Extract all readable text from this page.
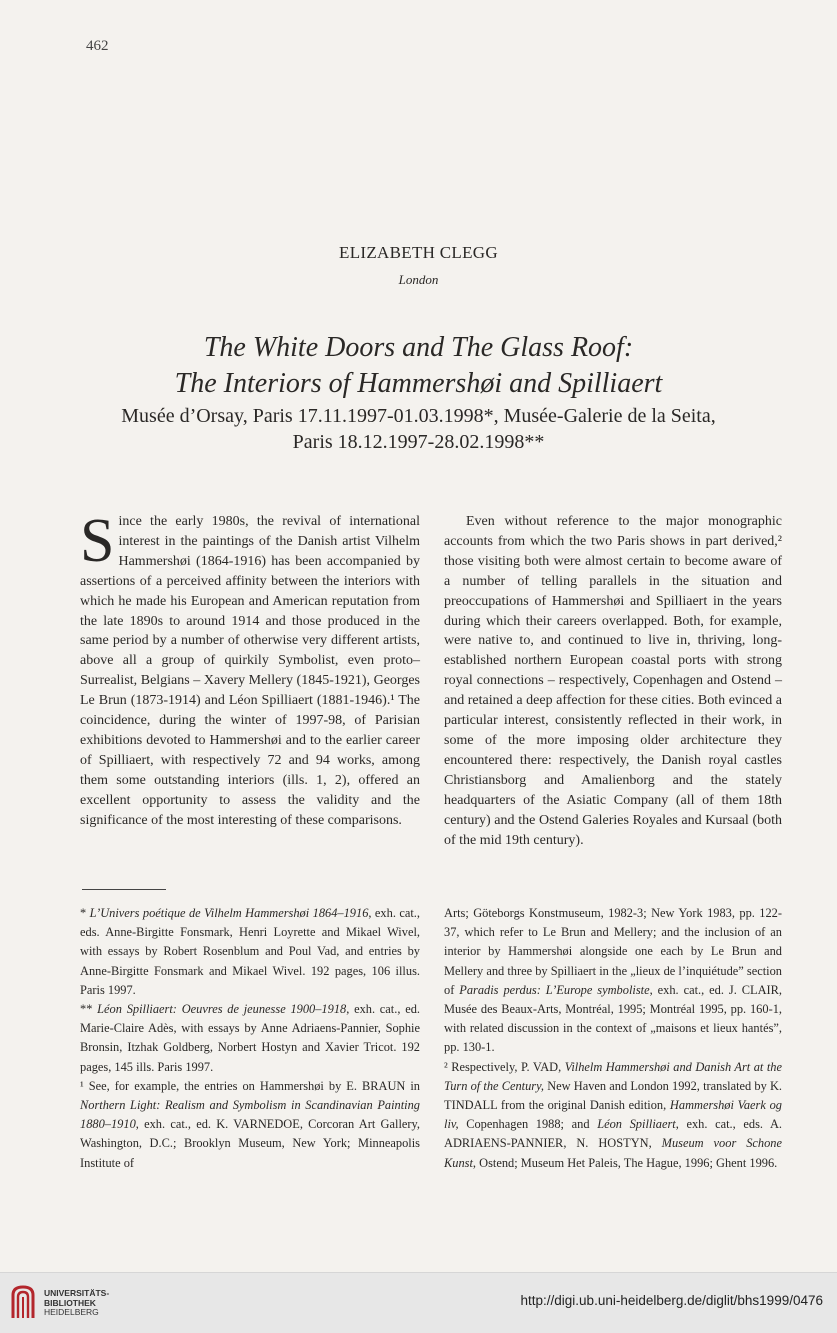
462
ELIZABETH CLEGG
London
The White Doors and The Glass Roof:
The Interiors of Hammershøi and Spilliaert
Musée d’Orsay, Paris 17.11.1997-01.03.1998*, Musée-Galerie de la Seita,
Paris 18.12.1997-28.02.1998**

Since the early 1980s, the revival of international interest in the paintings of the Danish artist Vilhelm Hammershøi (1864-1916) has been accompanied by assertions of a perceived affinity between the interiors with which he made his European and American reputation from the late 1890s to around 1914 and those produced in the same period by a number of otherwise very different artists, above all a group of quirkily Symbolist, even proto–Surrealist, Belgians – Xavery Mellery (1845-1921), Georges Le Brun (1873-1914) and Léon Spilliaert (1881-1946).¹ The coincidence, during the winter of 1997-98, of Parisian exhibitions devoted to Hammershøi and to the earlier career of Spilliaert, with respectively 72 and 94 works, among them some outstanding interiors (ills. 1, 2), offered an excellent opportunity to assess the validity and the significance of the most interesting of these comparisons.

Even without reference to the major monographic accounts from which the two Paris shows in part derived,² those visiting both were almost certain to become aware of a number of telling parallels in the situation and preoccupations of Hammershøi and Spilliaert in the years during which their careers overlapped. Both, for example, were native to, and continued to live in, thriving, long-established northern European coastal ports with strong royal connections – respectively, Copenhagen and Ostend – and retained a deep affection for these cities. Both evinced a particular interest, consistently reflected in their work, in some of the more imposing older architecture they encountered there: respectively, the Danish royal castles Christiansborg and Amalienborg and the stately headquarters of the Asiatic Company (all of them 18th century) and the Ostend Galeries Royales and Kursaal (both of the mid 19th century).

* L’Univers poétique de Vilhelm Hammershøi 1864–1916, exh. cat., eds. Anne-Birgitte Fonsmark, Henri Loyrette and Mikael Wivel, with essays by Robert Rosenblum and Poul Vad, and entries by Anne-Birgitte Fonsmark and Mikael Wivel. 192 pages, 106 illus. Paris 1997.

** Léon Spilliaert: Oeuvres de jeunesse 1900–1918, exh. cat., ed. Marie-Claire Adès, with essays by Anne Adriaens-Pannier, Sophie Bronsin, Itzhak Goldberg, Norbert Hostyn and Xavier Tricot. 192 pages, 145 ills. Paris 1997.

¹ See, for example, the entries on Hammershøi by E. BRAUN in Northern Light: Realism and Symbolism in Scandinavian Painting 1880–1910, exh. cat., ed. K. VARNEDOE, Corcoran Art Gallery, Washington, D.C.; Brooklyn Museum, New York; Minneapolis Institute of

Arts; Göteborgs Konstmuseum, 1982-3; New York 1983, pp. 122-37, which refer to Le Brun and Mellery; and the inclusion of an interior by Hammershøi alongside one each by Le Brun and Mellery and three by Spilliaert in the „lieux de l’inquiétude” section of Paradis perdus: L’Europe symboliste, exh. cat., ed. J. CLAIR, Musée des Beaux-Arts, Montréal, 1995; Montréal 1995, pp. 160-1, with related discussion in the context of „maisons et lieux hantés”, pp. 130-1.

² Respectively, P. VAD, Vilhelm Hammershøi and Danish Art at the Turn of the Century, New Haven and London 1992, translated by K. TINDALL from the original Danish edition, Hammershøi Vaerk og liv, Copenhagen 1988; and Léon Spilliaert, exh. cat., eds. A. ADRIAENS-PANNIER, N. HOSTYN, Museum voor Schone Kunst, Ostend; Museum Het Paleis, The Hague, 1996; Ghent 1996.

UNIVERSITÄTS-
BIBLIOTHEK
HEIDELBERG
http://digi.ub.uni-heidelberg.de/diglit/bhs1999/0476
